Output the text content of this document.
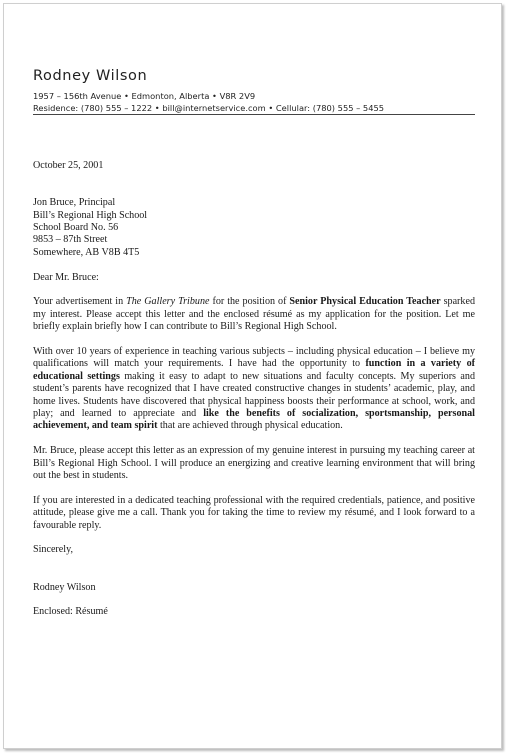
Rodney Wilson
1957 – 156th Avenue • Edmonton, Alberta • V8R 2V9
Residence: (780) 555 – 1222 • bill@internetservice.com • Cellular: (780) 555 – 5455

October 25, 2001

Jon Bruce, Principal
Bill’s Regional High School
School Board No. 56
9853 – 87th Street
Somewhere, AB V8B 4T5

Dear Mr. Bruce:

Your advertisement in The Gallery Tribune for the position of Senior Physical Education Teacher sparked my interest. Please accept this letter and the enclosed résumé as my application for the position. Let me briefly explain briefly how I can contribute to Bill’s Regional High School.

With over 10 years of experience in teaching various subjects – including physical education – I believe my qualifications will match your requirements. I have had the opportunity to function in a variety of educational settings making it easy to adapt to new situations and faculty concepts. My superiors and student’s parents have recognized that I have created constructive changes in students’ academic, play, and home lives. Students have discovered that physical happiness boosts their performance at school, work, and play; and learned to appreciate and like the benefits of socialization, sportsmanship, personal achievement, and team spirit that are achieved through physical education.

Mr. Bruce, please accept this letter as an expression of my genuine interest in pursuing my teaching career at Bill’s Regional High School. I will produce an energizing and creative learning environment that will bring out the best in students.

If you are interested in a dedicated teaching professional with the required credentials, patience, and positive attitude, please give me a call. Thank you for taking the time to review my résumé, and I look forward to a favourable reply.

Sincerely,

Rodney Wilson

Enclosed: Résumé
